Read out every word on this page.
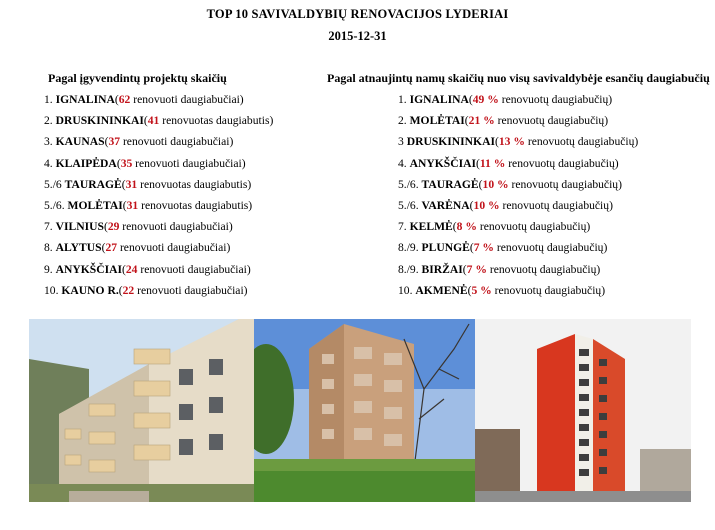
TOP 10 SAVIVALDYBIŲ RENOVACIJOS LYDERIAI
2015-12-31
Pagal įgyvendintų projektų skaičių
1. IGNALINA(62 renovuoti daugiabučiai)
2. DRUSKININKAI(41 renovuotas daugiabutis)
3. KAUNAS(37 renovuoti daugiabučiai)
4. KLAIPĖDA(35 renovuoti daugiabučiai)
5./6 TAURAGĖ(31 renovuotas daugiabutis)
5./6. MOLĖTAI(31 renovuotas daugiabutis)
7. VILNIUS(29 renovuoti daugiabučiai)
8. ALYTUS(27 renovuoti daugiabučiai)
9. ANYKŠČIAI(24 renovuoti daugiabučiai)
10. KAUNO R.(22 renovuoti daugiabučiai)
Pagal atnaujintų namų skaičių nuo visų savivaldybėje esančių daugiabučių
1. IGNALINA(49 % renovuotų daugiabučių)
2. MOLĖTAI(21 % renovuotų daugiabučių)
3 DRUSKININKAI(13 % renovuotų daugiabučių)
4. ANYKŠČIAI(11 % renovuotų daugiabučių)
5./6. TAURAGĖ(10 % renovuotų daugiabučių)
5./6. VARĖNA(10 % renovuotų daugiabučių)
7. KELMĖ(8 % renovuotų daugiabučių)
8./9. PLUNGĖ(7 % renovuotų daugiabučių)
8./9. BIRŽAI(7 % renovuotų daugiabučių)
10. AKMENĖ(5 % renovuotų daugiabučių)
